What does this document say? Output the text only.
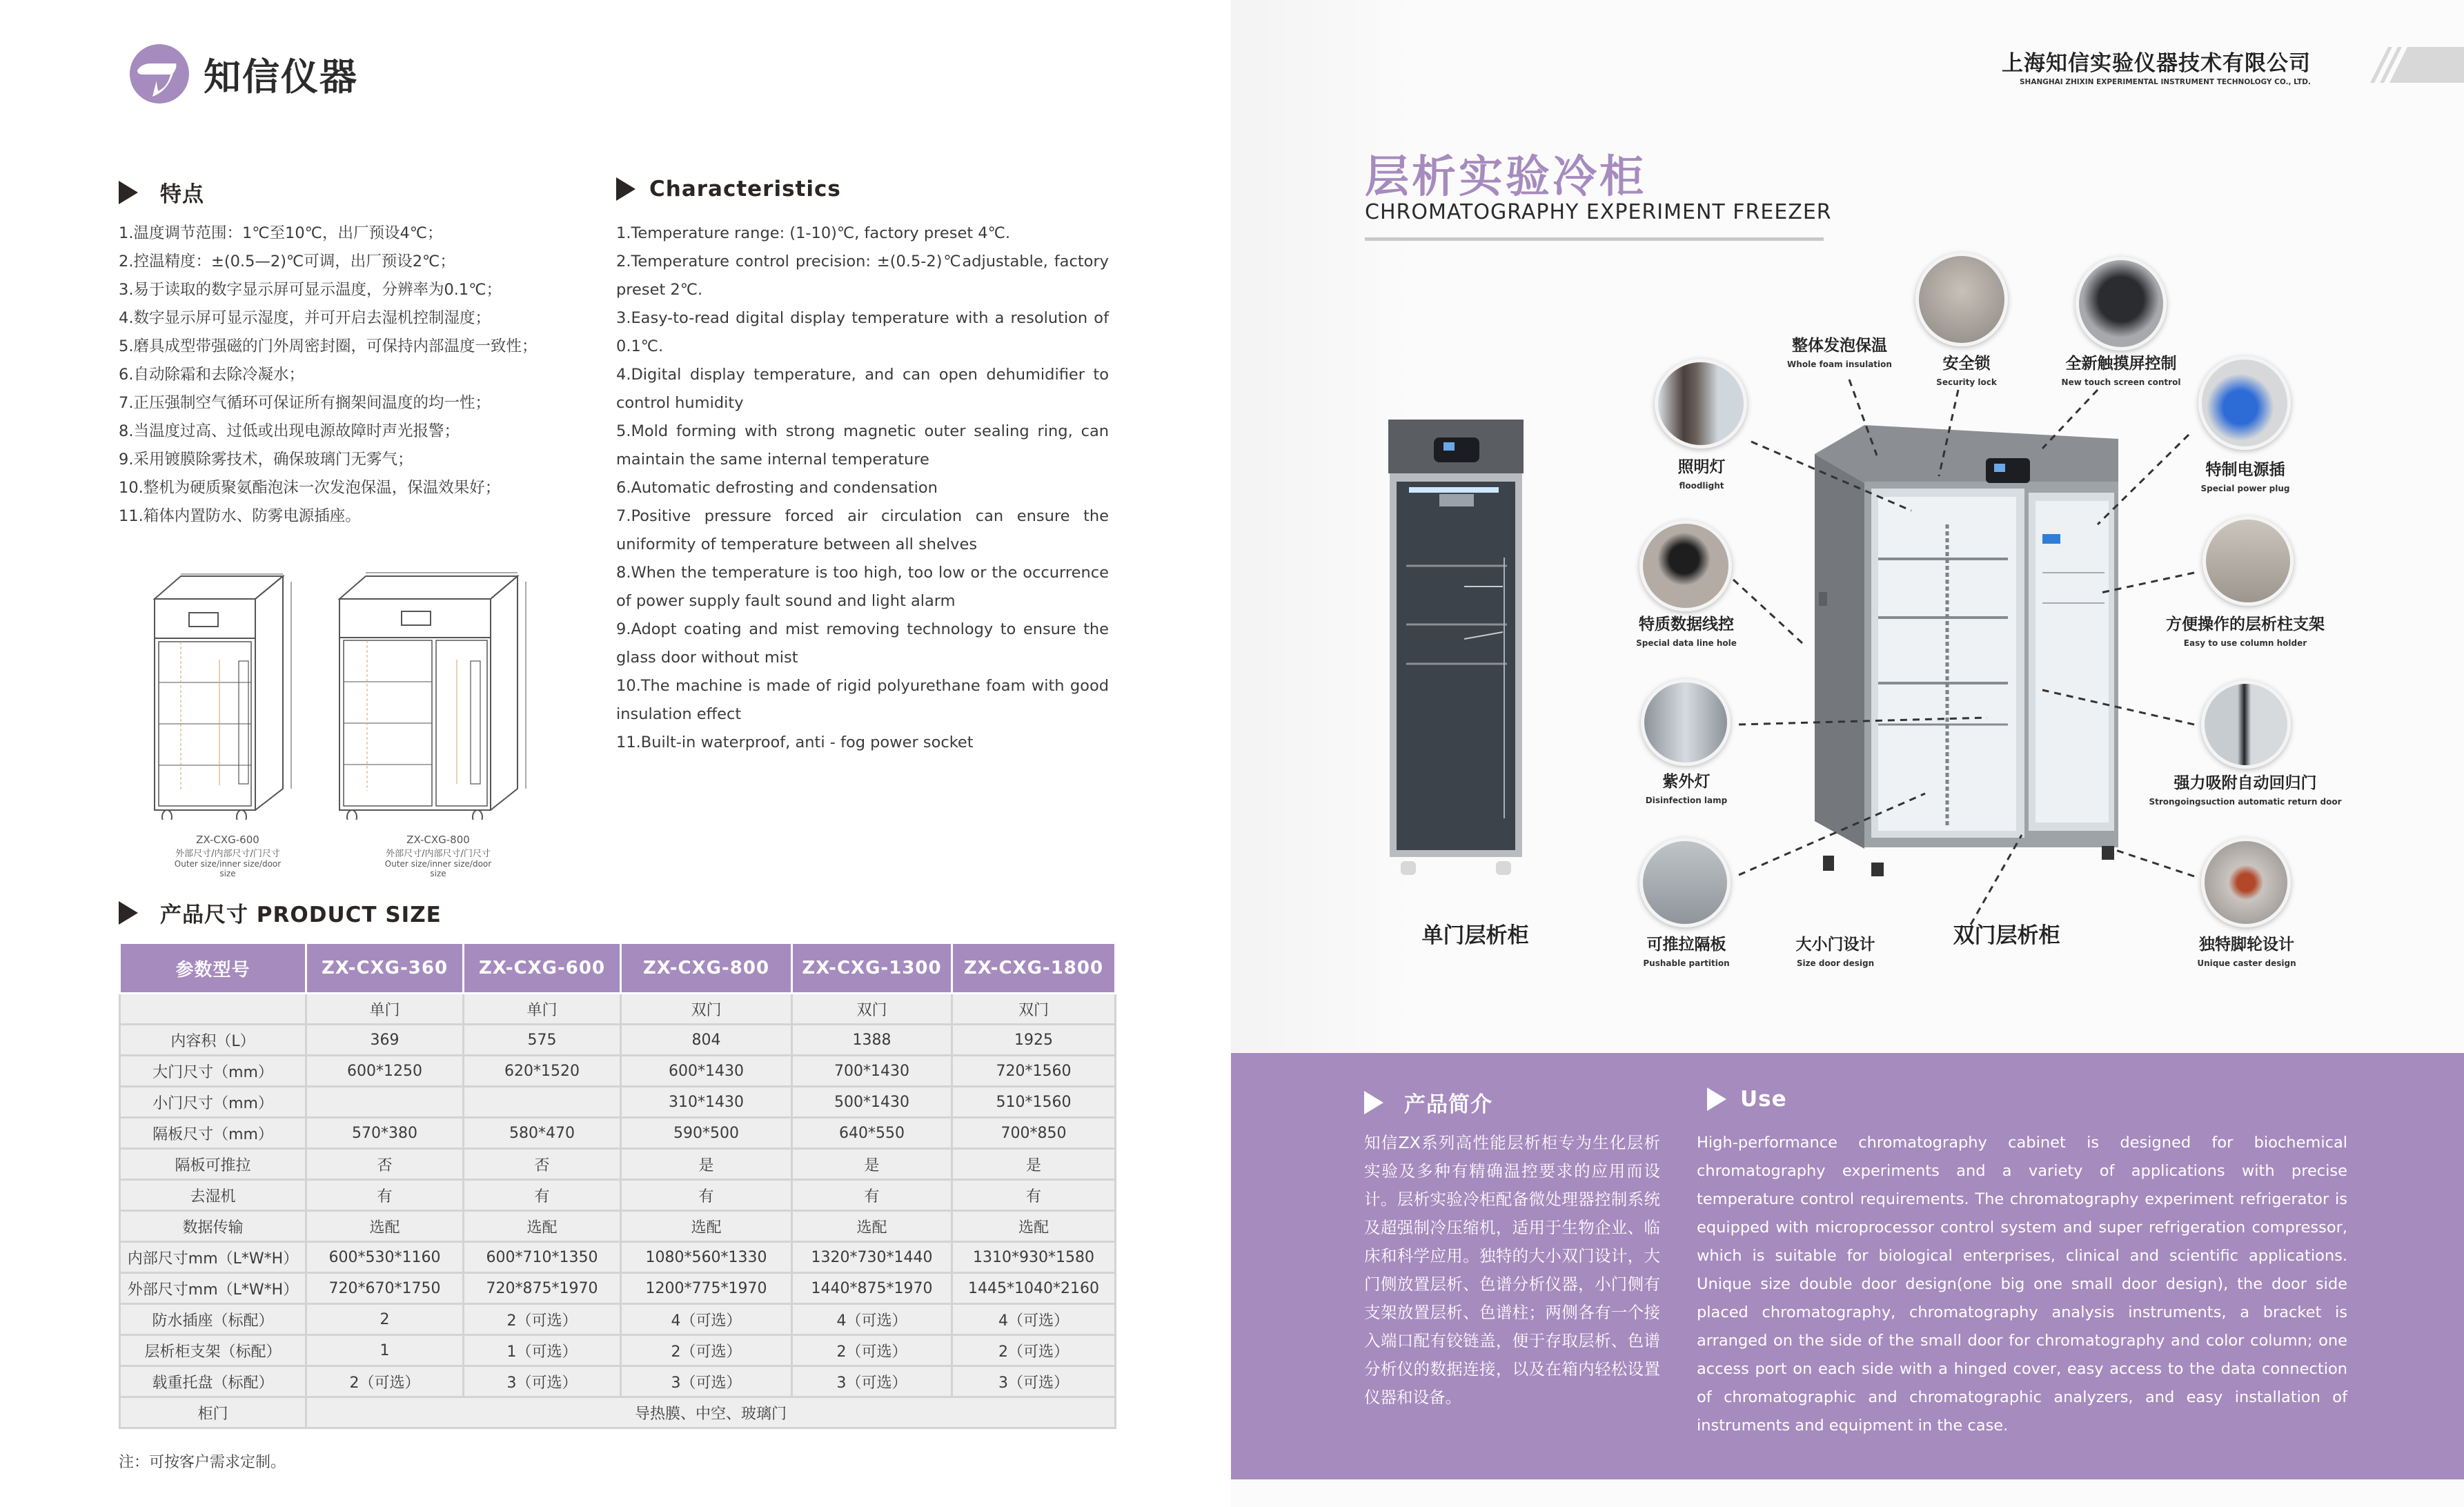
知信仪器
特点
1.温度调节范围：1℃至10℃，出厂预设4℃；
2.控温精度：±(0.5—2)℃可调，出厂预设2℃；
3.易于读取的数字显示屏可显示温度，分辨率为0.1℃；
4.数字显示屏可显示湿度，并可开启去湿机控制湿度；
5.磨具成型带强磁的门外周密封圈，可保持内部温度一致性；
6.自动除霜和去除冷凝水；
7.正压强制空气循环可保证所有搁架间温度的均一性；
8.当温度过高、过低或出现电源故障时声光报警；
9.采用镀膜除雾技术，确保玻璃门无雾气；
10.整机为硬质聚氨酯泡沫一次发泡保温，保温效果好；
11.箱体内置防水、防雾电源插座。
Characteristics
1.Temperature range: (1-10)℃, factory preset 4℃.
2.Temperature control precision: ±(0.5-2)℃adjustable, factory preset 2℃.
3.Easy-to-read digital display temperature with a resolution of 0.1℃.
4.Digital display temperature, and can open dehumidifier to control humidity
5.Mold forming with strong magnetic outer sealing ring, can maintain the same internal temperature
6.Automatic defrosting and condensation
7.Positive pressure forced air circulation can ensure the uniformity of temperature between all shelves
8.When the temperature is too high, too low or the occurrence of power supply fault sound and light alarm
9.Adopt coating and mist removing technology to ensure the glass door without mist
10.The machine is made of rigid polyurethane foam with good insulation effect
11.Built-in waterproof, anti - fog power socket
ZX-CXG-600
外部尺寸/内部尺寸/门尺寸
Outer size/inner size/door size
ZX-CXG-800
外部尺寸/内部尺寸/门尺寸
Outer size/inner size/door size
产品尺寸 PRODUCT SIZE
参数型号	ZX-CXG-360	ZX-CXG-600	ZX-CXG-800	ZX-CXG-1300	ZX-CXG-1800
	单门	单门	双门	双门	双门
内容积（L）	369	575	804	1388	1925
大门尺寸（mm）	600*1250	620*1520	600*1430	700*1430	720*1560
小门尺寸（mm）			310*1430	500*1430	510*1560
隔板尺寸（mm）	570*380	580*470	590*500	640*550	700*850
隔板可推拉	否	否	是	是	是
去湿机	有	有	有	有	有
数据传输	选配	选配	选配	选配	选配
内部尺寸mm（L*W*H）	600*530*1160	600*710*1350	1080*560*1330	1320*730*1440	1310*930*1580
外部尺寸mm（L*W*H）	720*670*1750	720*875*1970	1200*775*1970	1440*875*1970	1445*1040*2160
防水插座（标配）	2	2（可选）	4（可选）	4（可选）	4（可选）
层析柜支架（标配）	1	1（可选）	2（可选）	2（可选）	2（可选）
载重托盘（标配）	2（可选）	3（可选）	3（可选）	3（可选）	3（可选）
柜门	导热膜、中空、玻璃门				
注：可按客户需求定制。
上海知信实验仪器技术有限公司
SHANGHAI ZHIXIN EXPERIMENTAL INSTRUMENT TECHNOLOGY CO., LTD.
层析实验冷柜
CHROMATOGRAPHY EXPERIMENT FREEZER
单门层析柜	双门层析柜
整体发泡保温
Whole foam insulation	安全锁
Security lock
全新触摸屏控制
New touch screen control
照明灯
floodlight
特制电源插
Special power plug
特质数据线控
Special data line hole
方便操作的层析柱支架
Easy to use column holder
紫外灯
Disinfection lamp
强力吸附自动回归门
Strongoingsuction automatic return door
可推拉隔板
Pushable partition
大小门设计
Size door design
独特脚轮设计
Unique caster design
产品简介
知信ZX系列高性能层析柜专为生化层析实验及多种有精确温控要求的应用而设计。层析实验冷柜配备微处理器控制系统及超强制冷压缩机，适用于生物企业、临床和科学应用。独特的大小双门设计，大门侧放置层析、色谱分析仪器，小门侧有支架放置层析、色谱柱；两侧各有一个接入端口配有铰链盖，便于存取层析、色谱分析仪的数据连接，以及在箱内轻松设置仪器和设备。
Use
High-performance chromatography cabinet is designed for biochemical chromatography experiments and a variety of applications with precise temperature control requirements. The chromatography experiment refrigerator is equipped with microprocessor control system and super refrigeration compressor, which is suitable for biological enterprises, clinical and scientific applications. Unique size double door design(one big one small door design), the door side placed chromatography, chromatography analysis instruments, a bracket is arranged on the side of the small door for chromatography and color column; one access port on each side with a hinged cover, easy access to the data connection of chromatographic and chromatographic analyzers, and easy installation of instruments and equipment in the case.
